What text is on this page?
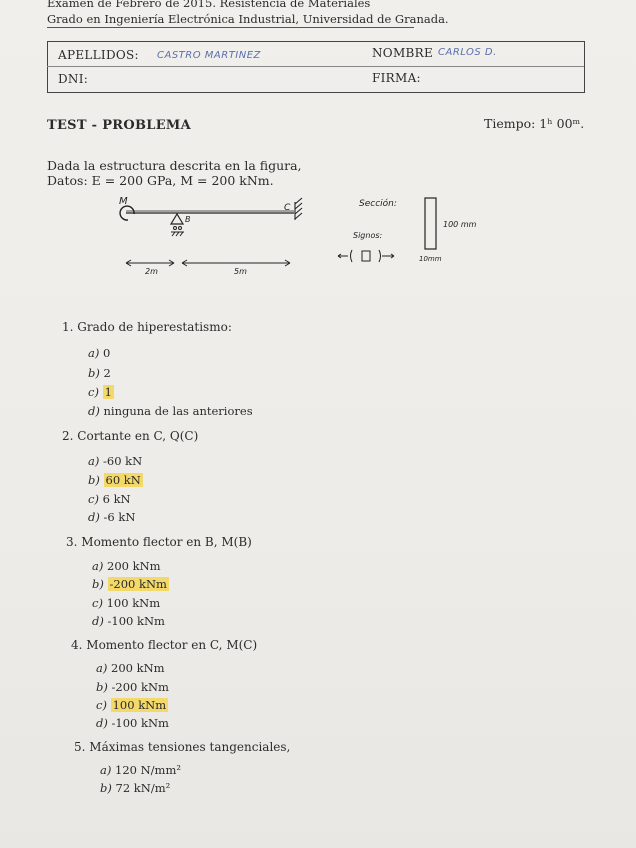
Examen de Febrero de 2015. Resistencia de Materiales
Grado en Ingeniería Electrónica Industrial, Universidad de Granada.
APELLIDOS: CASTRO MARTINEZ	NOMBRE CARLOS D.
DNI:	FIRMA:
TEST - PROBLEMA	Tiempo: 1ʰ 00ᵐ.
Dada la estructura descrita en la figura,
Datos: E = 200 GPa, M = 200 kNm.
M
B
C
2m	5m
Sección:
100 mm
10mm
Signos:
1. Grado de hiperestatismo:
a) 0
b) 2
c) 1
d) ninguna de las anteriores
2. Cortante en C, Q(C)
a) -60 kN
b) 60 kN
c) 6 kN
d) -6 kN
3. Momento flector en B, M(B)
a) 200 kNm
b) -200 kNm
c) 100 kNm
d) -100 kNm
4. Momento flector en C, M(C)
a) 200 kNm
b) -200 kNm
c) 100 kNm
d) -100 kNm
5. Máximas tensiones tangenciales,
a) 120 N/mm²
b) 72 kN/m²
